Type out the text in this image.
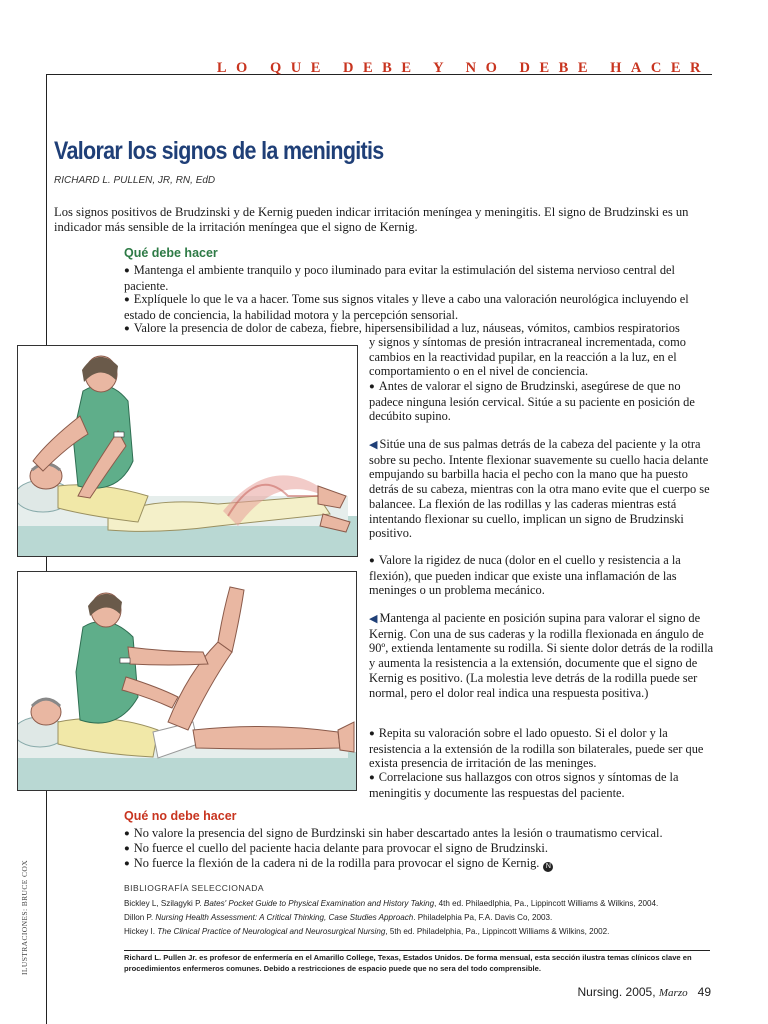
LO QUE DEBE Y NO DEBE HACER
Valorar los signos de la meningitis
RICHARD L. PULLEN, JR, RN, EdD
Los signos positivos de Brudzinski y de Kernig pueden indicar irritación meníngea y meningitis. El signo de Brudzinski es un indicador más sensible de la irritación meníngea que el signo de Kernig.
Qué debe hacer
● Mantenga el ambiente tranquilo y poco iluminado para evitar la estimulación del sistema nervioso central del paciente.
● Explíquele lo que le va a hacer. Tome sus signos vitales y lleve a cabo una valoración neurológica incluyendo el estado de conciencia, la habilidad motora y la percepción sensorial.
● Valore la presencia de dolor de cabeza, fiebre, hipersensibilidad a luz, náuseas, vómitos, cambios respiratorios
y signos y síntomas de presión intracraneal incrementada, como cambios en la reactividad pupilar, en la reacción a la luz, en el comportamiento o en el nivel de conciencia.
● Antes de valorar el signo de Brudzinski, asegúrese de que no padece ninguna lesión cervical. Sitúe a su paciente en posición de decúbito supino.
◀ Sitúe una de sus palmas detrás de la cabeza del paciente y la otra sobre su pecho. Intente flexionar suavemente su cuello hacia delante empujando su barbilla hacia el pecho con la mano que ha puesto detrás de su cabeza, mientras con la otra mano evite que el cuerpo se balancee. La flexión de las rodillas y las caderas mientras está intentando flexionar su cuello, implican un signo de Brudzinski positivo.
● Valore la rigidez de nuca (dolor en el cuello y resistencia a la flexión), que pueden indicar que existe una inflamación de las meninges o un problema mecánico.
◀ Mantenga al paciente en posición supina para valorar el signo de Kernig. Con una de sus caderas y la rodilla flexionada en ángulo de 90º, extienda lentamente su rodilla. Si siente dolor detrás de la rodilla y aumenta la resistencia a la extensión, documente que el signo de Kernig es positivo. (La molestia leve detrás de la rodilla puede ser normal, pero el dolor real indica una respuesta positiva.)
● Repita su valoración sobre el lado opuesto. Si el dolor y la resistencia a la extensión de la rodilla son bilaterales, puede ser que exista presencia de irritación de las meninges.
● Correlacione sus hallazgos con otros signos y síntomas de la meningitis y documente las respuestas del paciente.
Qué no debe hacer
● No valore la presencia del signo de Burdzinski sin haber descartado antes la lesión o traumatismo cervical.
● No fuerce el cuello del paciente hacia delante para provocar el signo de Brudzinski.
● No fuerce la flexión de la cadera ni de la rodilla para provocar el signo de Kernig. N
BIBLIOGRAFÍA SELECCIONADA
Bickley L, Szilagyki P. Bates' Pocket Guide to Physical Examination and History Taking, 4th ed. Philaedlphia, Pa., Lippincott Williams & Wilkins, 2004.
Dillon P. Nursing Health Assessment: A Critical Thinking, Case Studies Approach. Philadelphia Pa, F.A. Davis Co, 2003.
Hickey I. The Clinical Practice of Neurological and Neurosurgical Nursing, 5th ed. Philadelphia, Pa., Lippincott Williams & Wilkins, 2002.
Richard L. Pullen Jr. es profesor de enfermería en el Amarillo College, Texas, Estados Unidos. De forma mensual, esta sección ilustra temas clínicos clave en procedimientos enfermeros comunes. Debido a restricciones de espacio puede que no sera del todo comprensible.
Nursing. 2005, Marzo 49
ILUSTRACIONES: BRUCE COX
